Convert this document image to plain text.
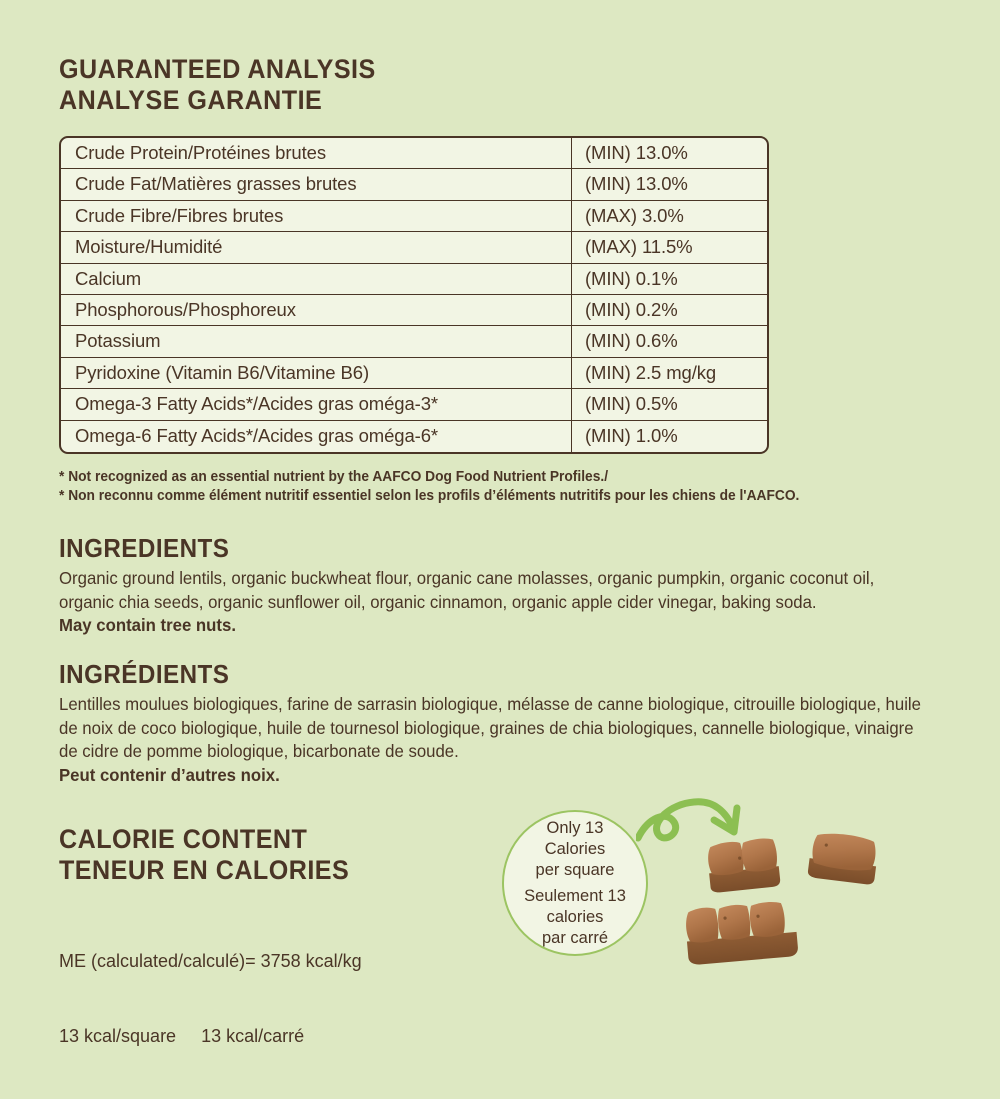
GUARANTEED ANALYSIS
ANALYSE GARANTIE
Crude Protein/Protéines brutes	(MIN) 13.0%
Crude Fat/Matières grasses brutes	(MIN) 13.0%
Crude Fibre/Fibres brutes	(MAX) 3.0%
Moisture/Humidité	(MAX) 11.5%
Calcium	(MIN) 0.1%
Phosphorous/Phosphoreux	(MIN) 0.2%
Potassium	(MIN) 0.6%
Pyridoxine (Vitamin B6/Vitamine B6)	(MIN) 2.5 mg/kg
Omega-3 Fatty Acids*/Acides gras oméga-3*	(MIN) 0.5%
Omega-6 Fatty Acids*/Acides gras oméga-6*	(MIN) 1.0%
* Not recognized as an essential nutrient by the AAFCO Dog Food Nutrient Profiles./
* Non reconnu comme élément nutritif essentiel selon les profils d’éléments nutritifs pour les chiens de l'AAFCO.
INGREDIENTS
Organic ground lentils, organic buckwheat flour, organic cane molasses, organic pumpkin, organic coconut oil, organic chia seeds, organic sunflower oil, organic cinnamon, organic apple cider vinegar, baking soda.
May contain tree nuts.
INGRÉDIENTS
Lentilles moulues biologiques, farine de sarrasin biologique, mélasse de canne biologique, citrouille biologique, huile de noix de coco biologique, huile de tournesol biologique, graines de chia biologiques, cannelle biologique, vinaigre de cidre de pomme biologique, bicarbonate de soude.
Peut contenir d’autres noix.
CALORIE CONTENT
TENEUR EN CALORIES

ME (calculated/calculé)= 3758 kcal/kg

13 kcal/square     13 kcal/carré

Only 13
Calories
per square
Seulement 13
calories
par carré
